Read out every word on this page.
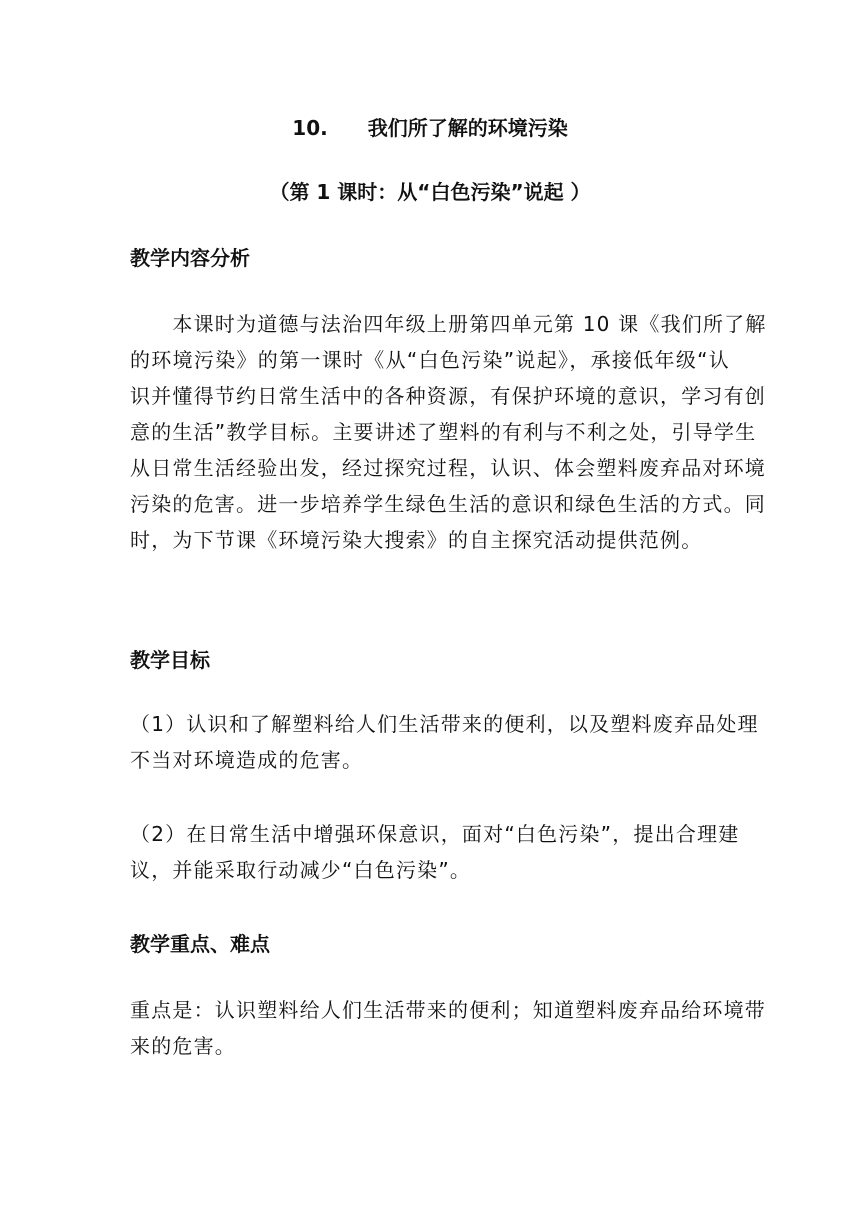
10. 我们所了解的环境污染
（第 1 课时：从“白色污染”说起 ）
教学内容分析
　　本课时为道德与法治四年级上册第四单元第 10 课《我们所了解
的环境污染》的第一课时《从“白色污染”说起》，承接低年级“认
识并懂得节约日常生活中的各种资源，有保护环境的意识，学习有创
意的生活”教学目标。主要讲述了塑料的有利与不利之处，引导学生
从日常生活经验出发，经过探究过程，认识、体会塑料废弃品对环境
污染的危害。进一步培养学生绿色生活的意识和绿色生活的方式。同
时，为下节课《环境污染大搜索》的自主探究活动提供范例。
教学目标
（1）认识和了解塑料给人们生活带来的便利，以及塑料废弃品处理
不当对环境造成的危害。
（2）在日常生活中增强环保意识，面对“白色污染”，提出合理建
议，并能采取行动减少“白色污染”。
教学重点、难点
重点是：认识塑料给人们生活带来的便利；知道塑料废弃品给环境带
来的危害。
